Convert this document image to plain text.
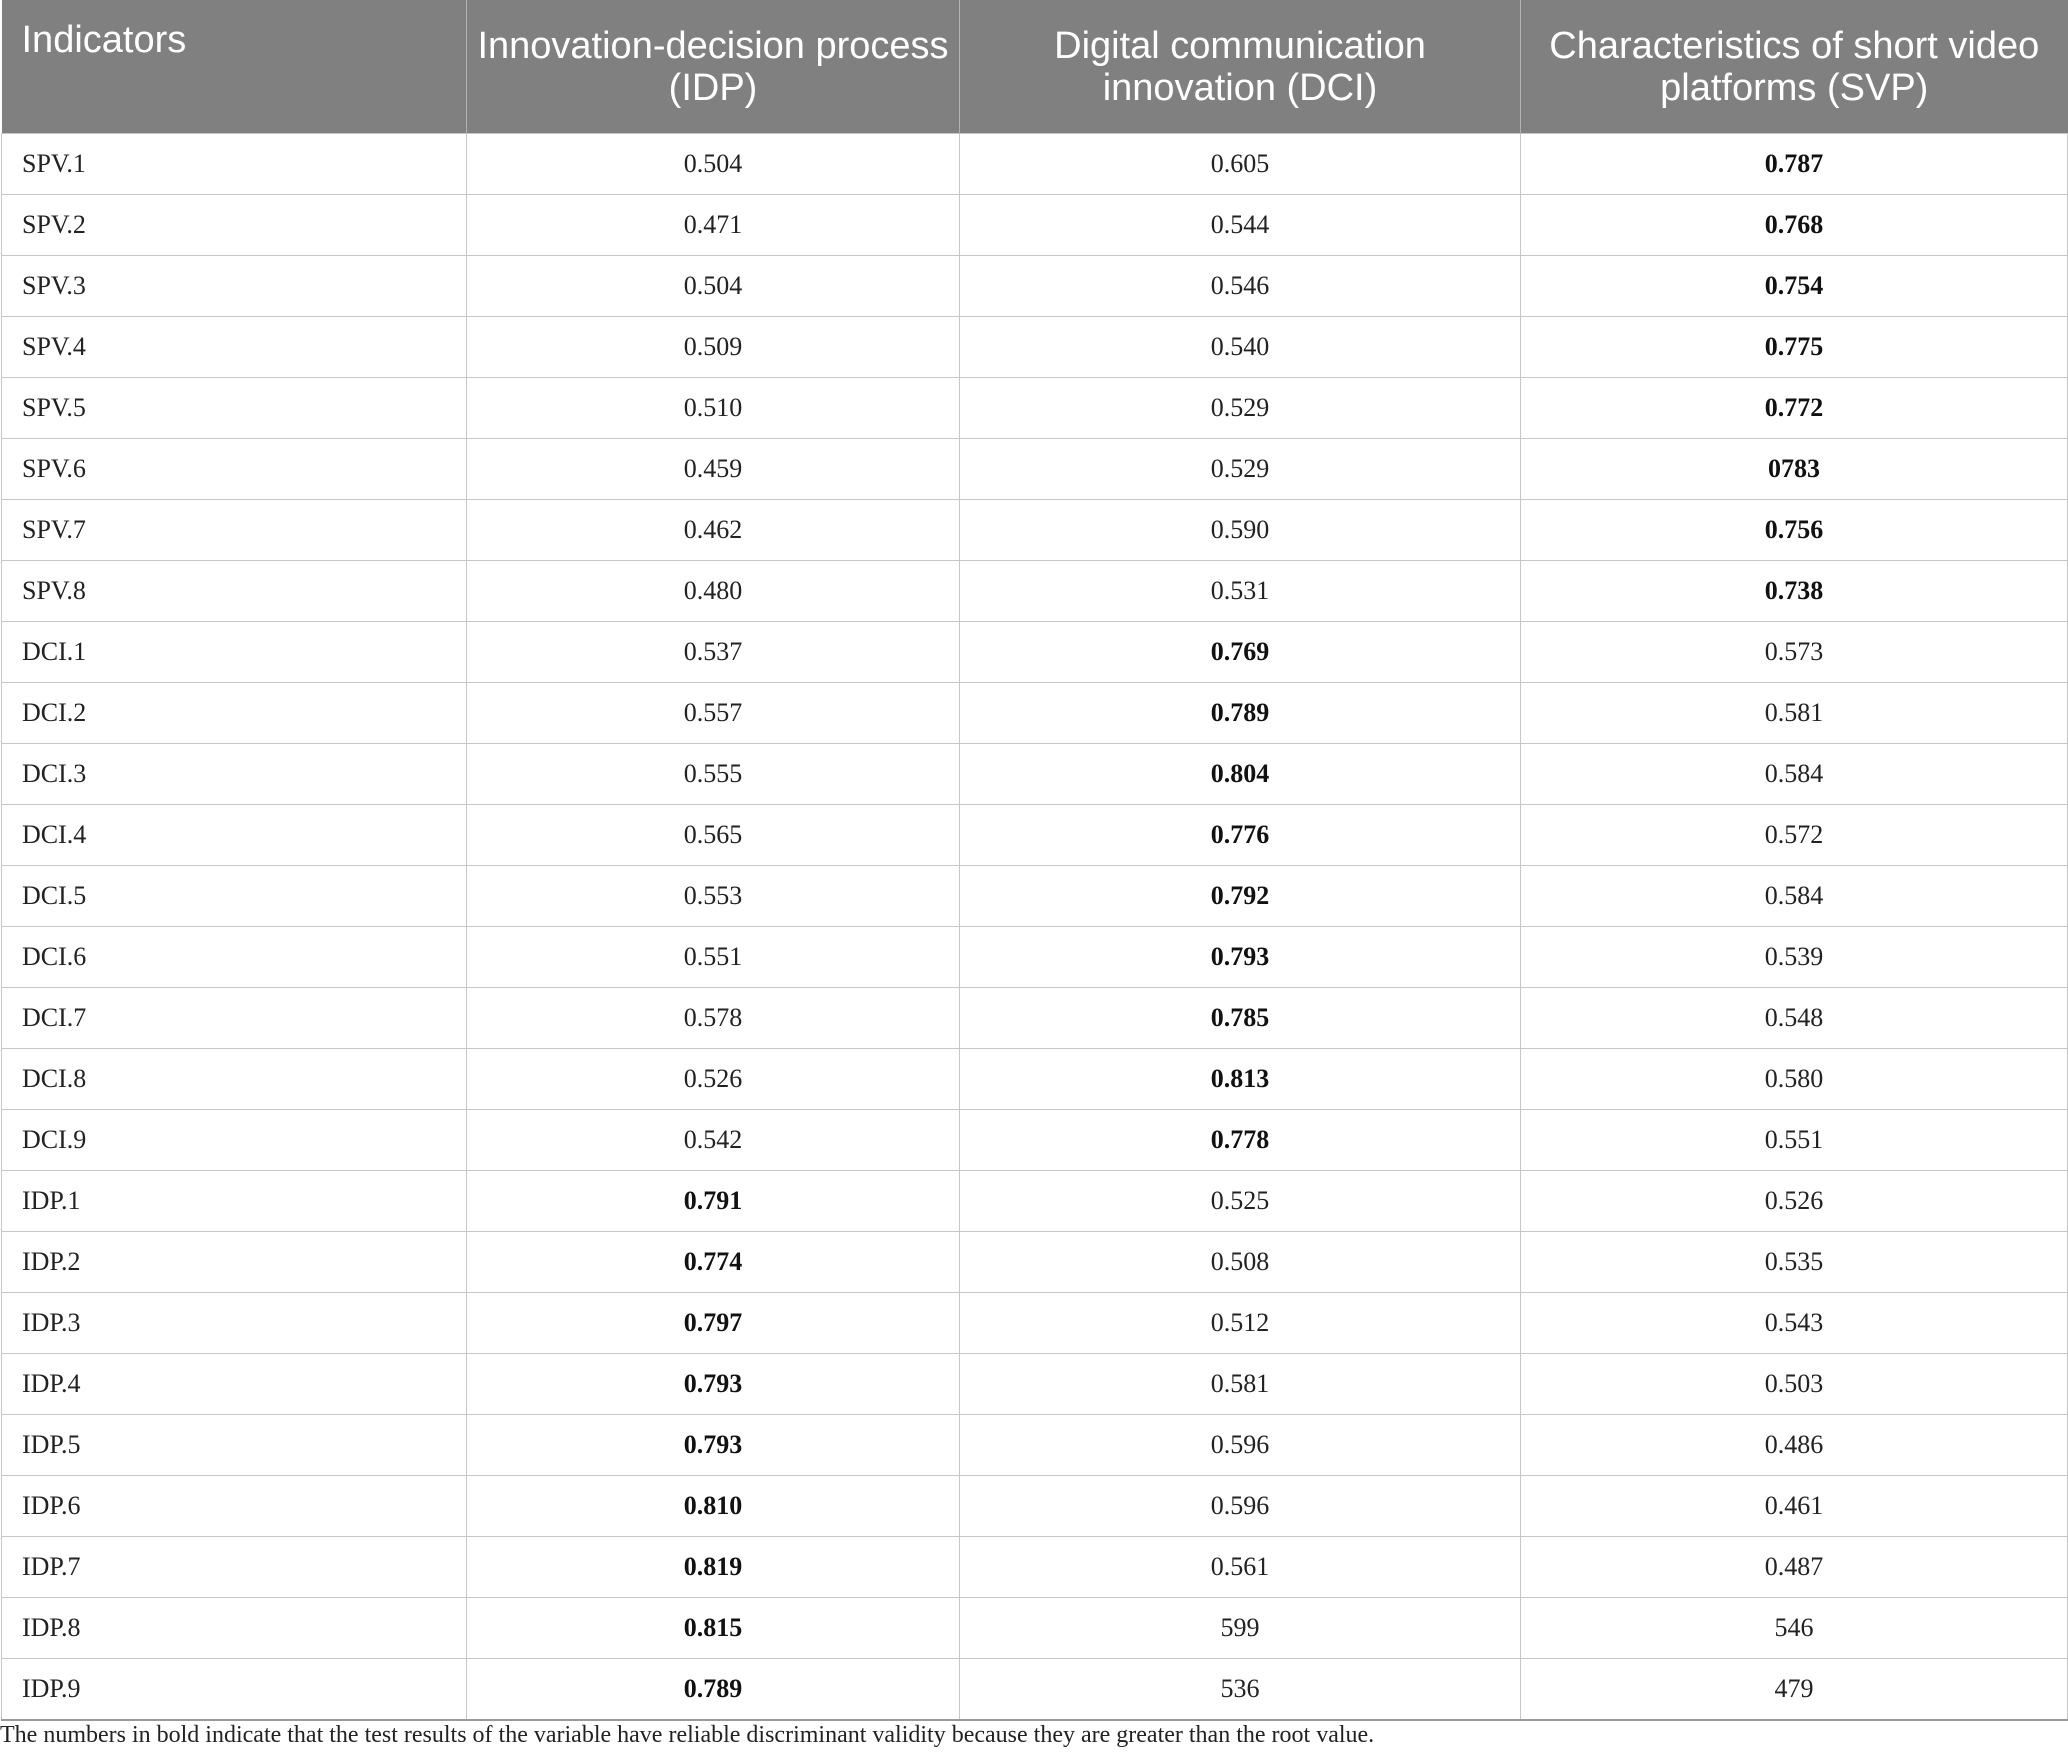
Indicators	Innovation-decision process (IDP)	Digital communication innovation (DCI)	Characteristics of short video platforms (SVP)
SPV.1	0.504	0.605	0.787
SPV.2	0.471	0.544	0.768
SPV.3	0.504	0.546	0.754
SPV.4	0.509	0.540	0.775
SPV.5	0.510	0.529	0.772
SPV.6	0.459	0.529	0783
SPV.7	0.462	0.590	0.756
SPV.8	0.480	0.531	0.738
DCI.1	0.537	0.769	0.573
DCI.2	0.557	0.789	0.581
DCI.3	0.555	0.804	0.584
DCI.4	0.565	0.776	0.572
DCI.5	0.553	0.792	0.584
DCI.6	0.551	0.793	0.539
DCI.7	0.578	0.785	0.548
DCI.8	0.526	0.813	0.580
DCI.9	0.542	0.778	0.551
IDP.1	0.791	0.525	0.526
IDP.2	0.774	0.508	0.535
IDP.3	0.797	0.512	0.543
IDP.4	0.793	0.581	0.503
IDP.5	0.793	0.596	0.486
IDP.6	0.810	0.596	0.461
IDP.7	0.819	0.561	0.487
IDP.8	0.815	599	546
IDP.9	0.789	536	479
The numbers in bold indicate that the test results of the variable have reliable discriminant validity because they are greater than the root value.
